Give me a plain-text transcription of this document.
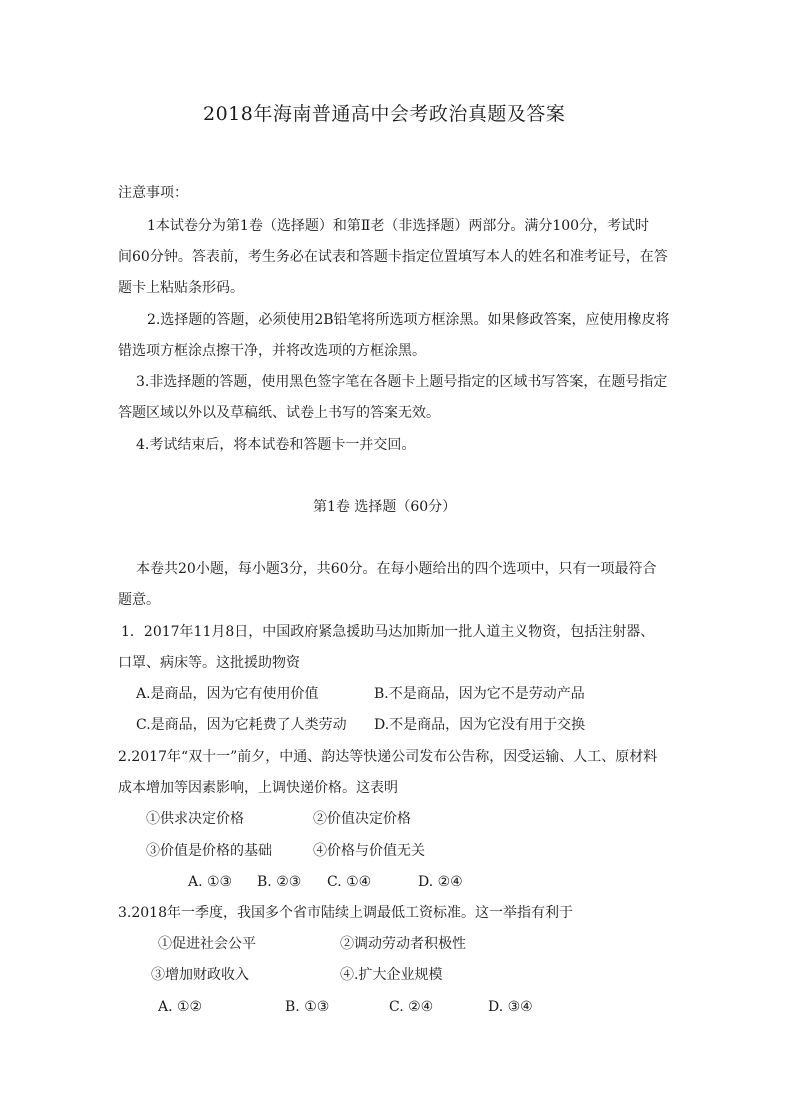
2018年海南普通高中会考政治真题及答案
注意事项：
1本试卷分为第1卷（选择题）和第Ⅱ老（非选择题）两部分。满分100分，考试时
间60分钟。答表前，考生务必在试表和答题卡指定位置填写本人的姓名和准考证号，在答
题卡上粘贴条形码。
2.选择题的答题，必须使用2B铅笔将所选项方框涂黑。如果修政答案，应使用橡皮将
错选项方框涂点擦干净，并将改选项的方框涂黑。
3.非选择题的答题，使用黑色签字笔在各题卡上题号指定的区域书写答案，在题号指定
答题区域以外以及草稿纸、试卷上书写的答案无效。
4.考试结束后，将本试卷和答题卡一并交回。
第1卷 选择题（60分）
本卷共20小题，每小题3分，共60分。在每小题给出的四个选项中，只有一项最符合
题意。
1．2017年11月8日，中国政府紧急援助马达加斯加一批人道主义物资，包括注射器、
口罩、病床等。这批援助物资
A.是商品，因为它有使用价值	B.不是商品，因为它不是劳动产品
C.是商品，因为它耗费了人类劳动 D.不是商品，因为它没有用于交换
2.2017年“双十一”前夕，中通、韵达等快递公司发布公告称，因受运输、人工、原材料
成本增加等因素影响，上调快递价格。这表明
①供求决定价格	②价值决定价格
③价值是价格的基础	④价格与价值无关
A. ①③ B. ②③ C. ①④	D. ②④
3.2018年一季度，我国多个省市陆续上调最低工资标准。这一举指有利于
①促进社会公平	②调动劳动者积极性
③增加财政收入	④.扩大企业规模
A. ①②	B. ①③	C. ②④	D. ③④
